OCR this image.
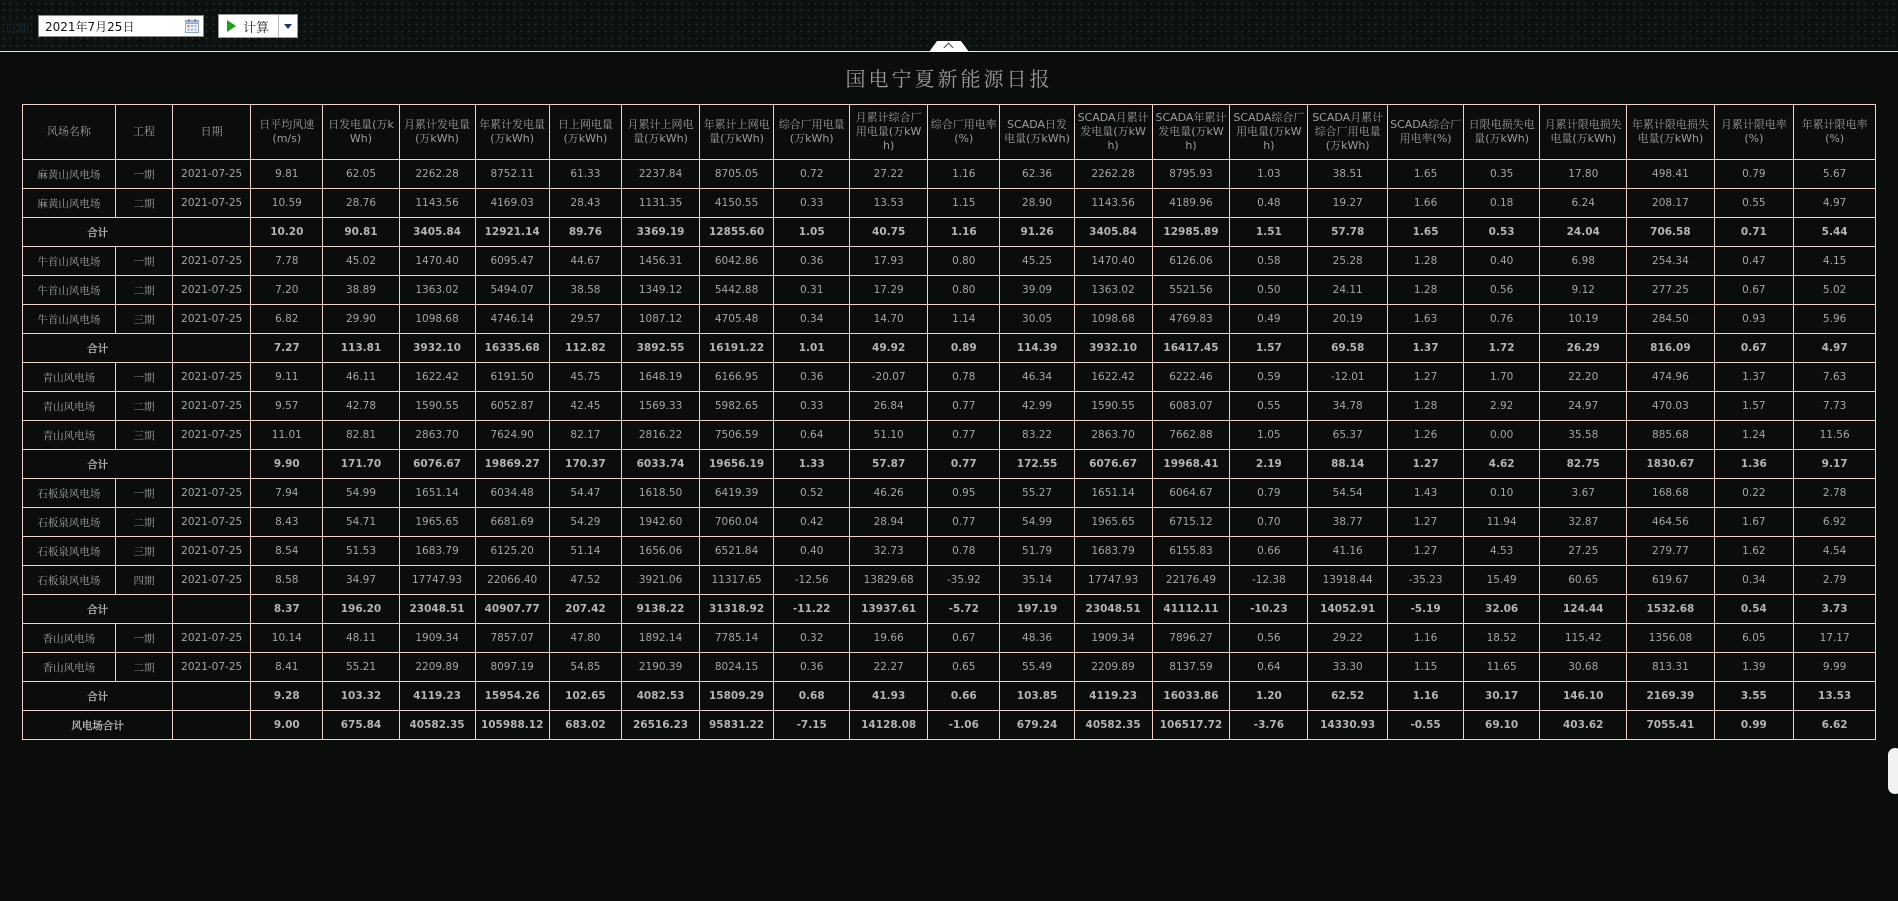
日期	2021年7月25日	计算
国电宁夏新能源日报
风场名称	工程	日期	日平均风速(m/s)	日发电量(万kWh)	月累计发电量(万kWh)	年累计发电量(万kWh)	日上网电量(万kWh)	月累计上网电量(万kWh)	年累计上网电量(万kWh)	综合厂用电量(万kWh)	月累计综合厂用电量(万kWh)	综合厂用电率(%)	SCADA日发电量(万kWh)	SCADA月累计发电量(万kWh)	SCADA年累计发电量(万kWh)	SCADA综合厂用电量(万kWh)	SCADA月累计综合厂用电量(万kWh)	SCADA综合厂用电率(%)	日限电损失电量(万kWh)	月累计限电损失电量(万kWh)	年累计限电损失电量(万kWh)	月累计限电率(%)	年累计限电率(%)
麻黄山风电场	一期	2021-07-25	9.81	62.05	2262.28	8752.11	61.33	2237.84	8705.05	0.72	27.22	1.16	62.36	2262.28	8795.93	1.03	38.51	1.65	0.35	17.80	498.41	0.79	5.67
麻黄山风电场	二期	2021-07-25	10.59	28.76	1143.56	4169.03	28.43	1131.35	4150.55	0.33	13.53	1.15	28.90	1143.56	4189.96	0.48	19.27	1.66	0.18	6.24	208.17	0.55	4.97
合计			10.20	90.81	3405.84	12921.14	89.76	3369.19	12855.60	1.05	40.75	1.16	91.26	3405.84	12985.89	1.51	57.78	1.65	0.53	24.04	706.58	0.71	5.44
牛首山风电场	一期	2021-07-25	7.78	45.02	1470.40	6095.47	44.67	1456.31	6042.86	0.36	17.93	0.80	45.25	1470.40	6126.06	0.58	25.28	1.28	0.40	6.98	254.34	0.47	4.15
牛首山风电场	二期	2021-07-25	7.20	38.89	1363.02	5494.07	38.58	1349.12	5442.88	0.31	17.29	0.80	39.09	1363.02	5521.56	0.50	24.11	1.28	0.56	9.12	277.25	0.67	5.02
牛首山风电场	三期	2021-07-25	6.82	29.90	1098.68	4746.14	29.57	1087.12	4705.48	0.34	14.70	1.14	30.05	1098.68	4769.83	0.49	20.19	1.63	0.76	10.19	284.50	0.93	5.96
合计			7.27	113.81	3932.10	16335.68	112.82	3892.55	16191.22	1.01	49.92	0.89	114.39	3932.10	16417.45	1.57	69.58	1.37	1.72	26.29	816.09	0.67	4.97
青山风电场	一期	2021-07-25	9.11	46.11	1622.42	6191.50	45.75	1648.19	6166.95	0.36	-20.07	0.78	46.34	1622.42	6222.46	0.59	-12.01	1.27	1.70	22.20	474.96	1.37	7.63
青山风电场	二期	2021-07-25	9.57	42.78	1590.55	6052.87	42.45	1569.33	5982.65	0.33	26.84	0.77	42.99	1590.55	6083.07	0.55	34.78	1.28	2.92	24.97	470.03	1.57	7.73
青山风电场	三期	2021-07-25	11.01	82.81	2863.70	7624.90	82.17	2816.22	7506.59	0.64	51.10	0.77	83.22	2863.70	7662.88	1.05	65.37	1.26	0.00	35.58	885.68	1.24	11.56
合计			9.90	171.70	6076.67	19869.27	170.37	6033.74	19656.19	1.33	57.87	0.77	172.55	6076.67	19968.41	2.19	88.14	1.27	4.62	82.75	1830.67	1.36	9.17
石板泉风电场	一期	2021-07-25	7.94	54.99	1651.14	6034.48	54.47	1618.50	6419.39	0.52	46.26	0.95	55.27	1651.14	6064.67	0.79	54.54	1.43	0.10	3.67	168.68	0.22	2.78
石板泉风电场	二期	2021-07-25	8.43	54.71	1965.65	6681.69	54.29	1942.60	7060.04	0.42	28.94	0.77	54.99	1965.65	6715.12	0.70	38.77	1.27	11.94	32.87	464.56	1.67	6.92
石板泉风电场	三期	2021-07-25	8.54	51.53	1683.79	6125.20	51.14	1656.06	6521.84	0.40	32.73	0.78	51.79	1683.79	6155.83	0.66	41.16	1.27	4.53	27.25	279.77	1.62	4.54
石板泉风电场	四期	2021-07-25	8.58	34.97	17747.93	22066.40	47.52	3921.06	11317.65	-12.56	13829.68	-35.92	35.14	17747.93	22176.49	-12.38	13918.44	-35.23	15.49	60.65	619.67	0.34	2.79
合计			8.37	196.20	23048.51	40907.77	207.42	9138.22	31318.92	-11.22	13937.61	-5.72	197.19	23048.51	41112.11	-10.23	14052.91	-5.19	32.06	124.44	1532.68	0.54	3.73
香山风电场	一期	2021-07-25	10.14	48.11	1909.34	7857.07	47.80	1892.14	7785.14	0.32	19.66	0.67	48.36	1909.34	7896.27	0.56	29.22	1.16	18.52	115.42	1356.08	6.05	17.17
香山风电场	二期	2021-07-25	8.41	55.21	2209.89	8097.19	54.85	2190.39	8024.15	0.36	22.27	0.65	55.49	2209.89	8137.59	0.64	33.30	1.15	11.65	30.68	813.31	1.39	9.99
合计			9.28	103.32	4119.23	15954.26	102.65	4082.53	15809.29	0.68	41.93	0.66	103.85	4119.23	16033.86	1.20	62.52	1.16	30.17	146.10	2169.39	3.55	13.53
风电场合计			9.00	675.84	40582.35	105988.12	683.02	26516.23	95831.22	-7.15	14128.08	-1.06	679.24	40582.35	106517.72	-3.76	14330.93	-0.55	69.10	403.62	7055.41	0.99	6.62
